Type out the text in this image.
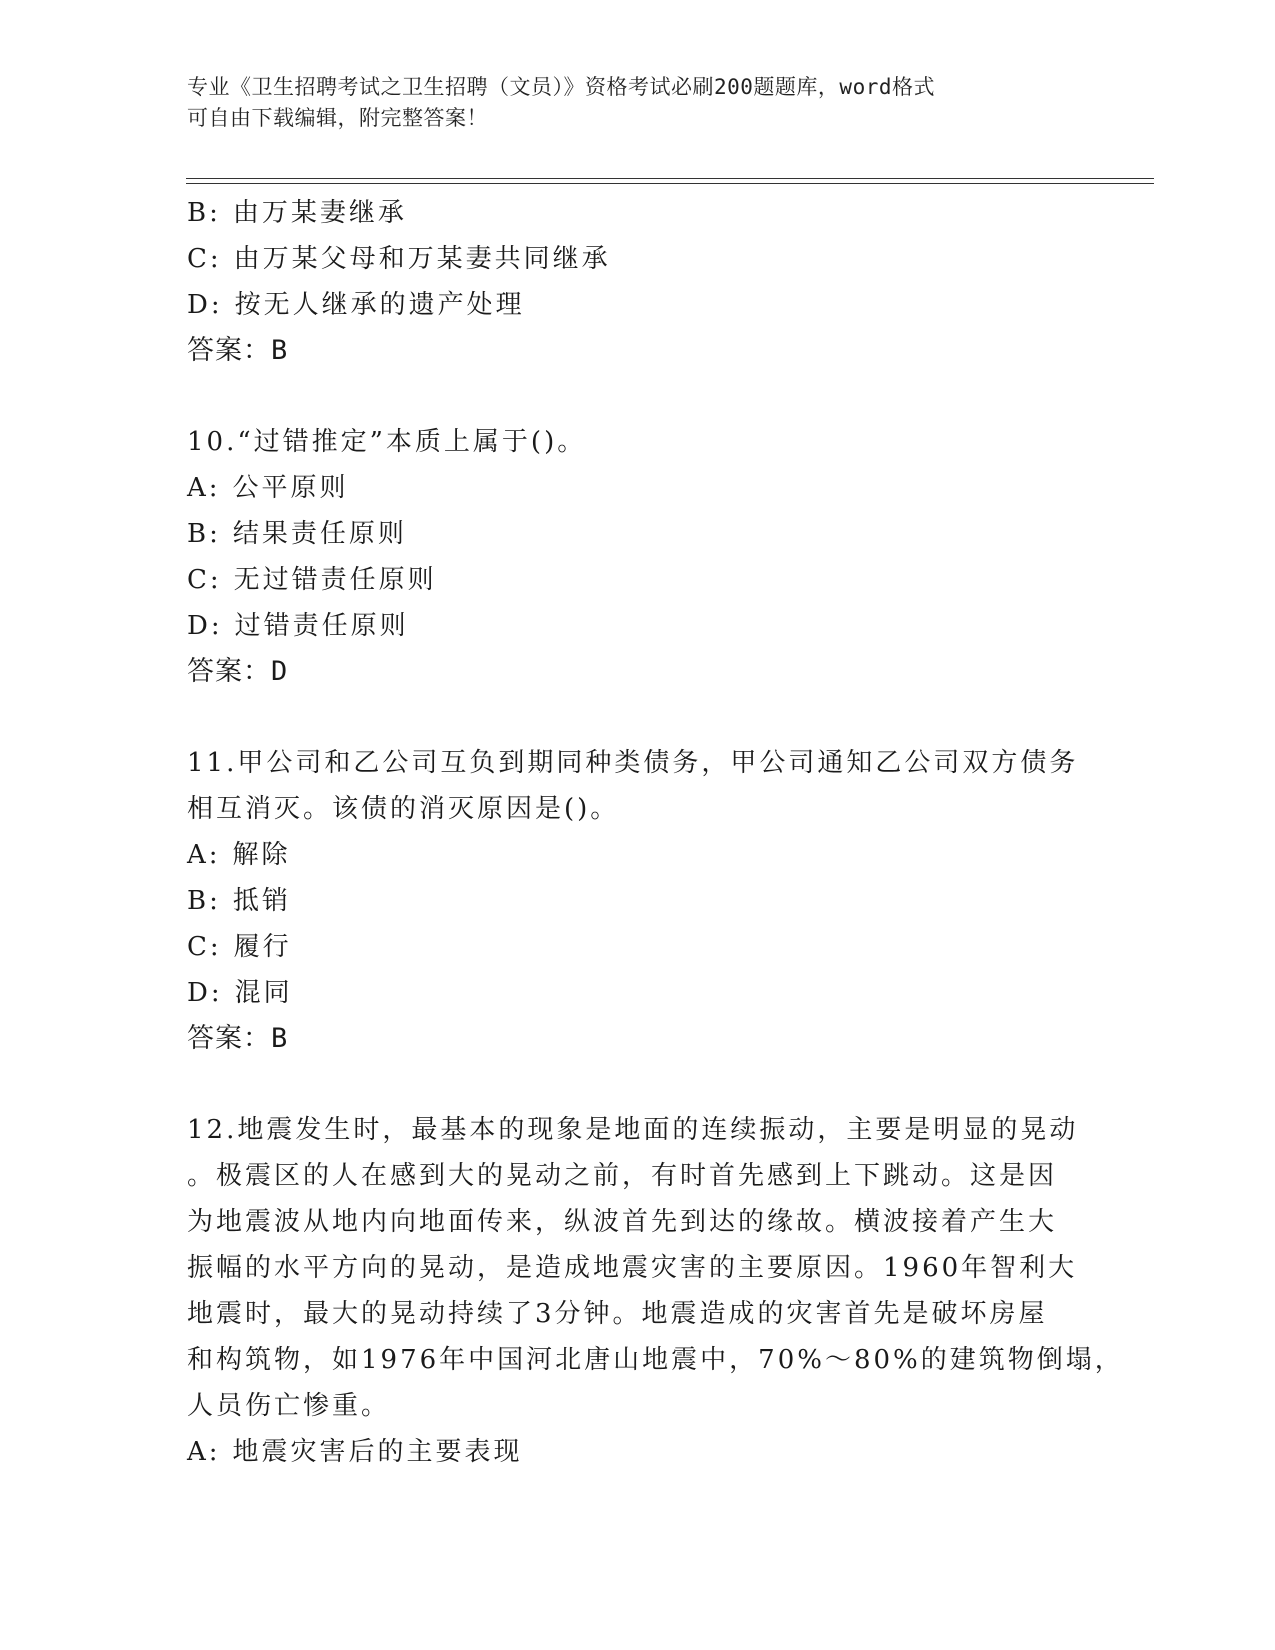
专业《卫生招聘考试之卫生招聘（文员）》资格考试必刷200题题库，word格式
可自由下载编辑，附完整答案！
B: 由万某妻继承
C: 由万某父母和万某妻共同继承
D: 按无人继承的遗产处理
答案：B
10.“过错推定”本质上属于()。
A: 公平原则
B: 结果责任原则
C: 无过错责任原则
D: 过错责任原则
答案：D
11.甲公司和乙公司互负到期同种类债务，甲公司通知乙公司双方债务
相互消灭。该债的消灭原因是()。
A: 解除
B: 抵销
C: 履行
D: 混同
答案：B
12.地震发生时，最基本的现象是地面的连续振动，主要是明显的晃动
。极震区的人在感到大的晃动之前，有时首先感到上下跳动。这是因
为地震波从地内向地面传来，纵波首先到达的缘故。横波接着产生大
振幅的水平方向的晃动，是造成地震灾害的主要原因。1960年智利大
地震时，最大的晃动持续了3分钟。地震造成的灾害首先是破坏房屋
和构筑物，如1976年中国河北唐山地震中，70%～80%的建筑物倒塌，
人员伤亡惨重。
A: 地震灾害后的主要表现
